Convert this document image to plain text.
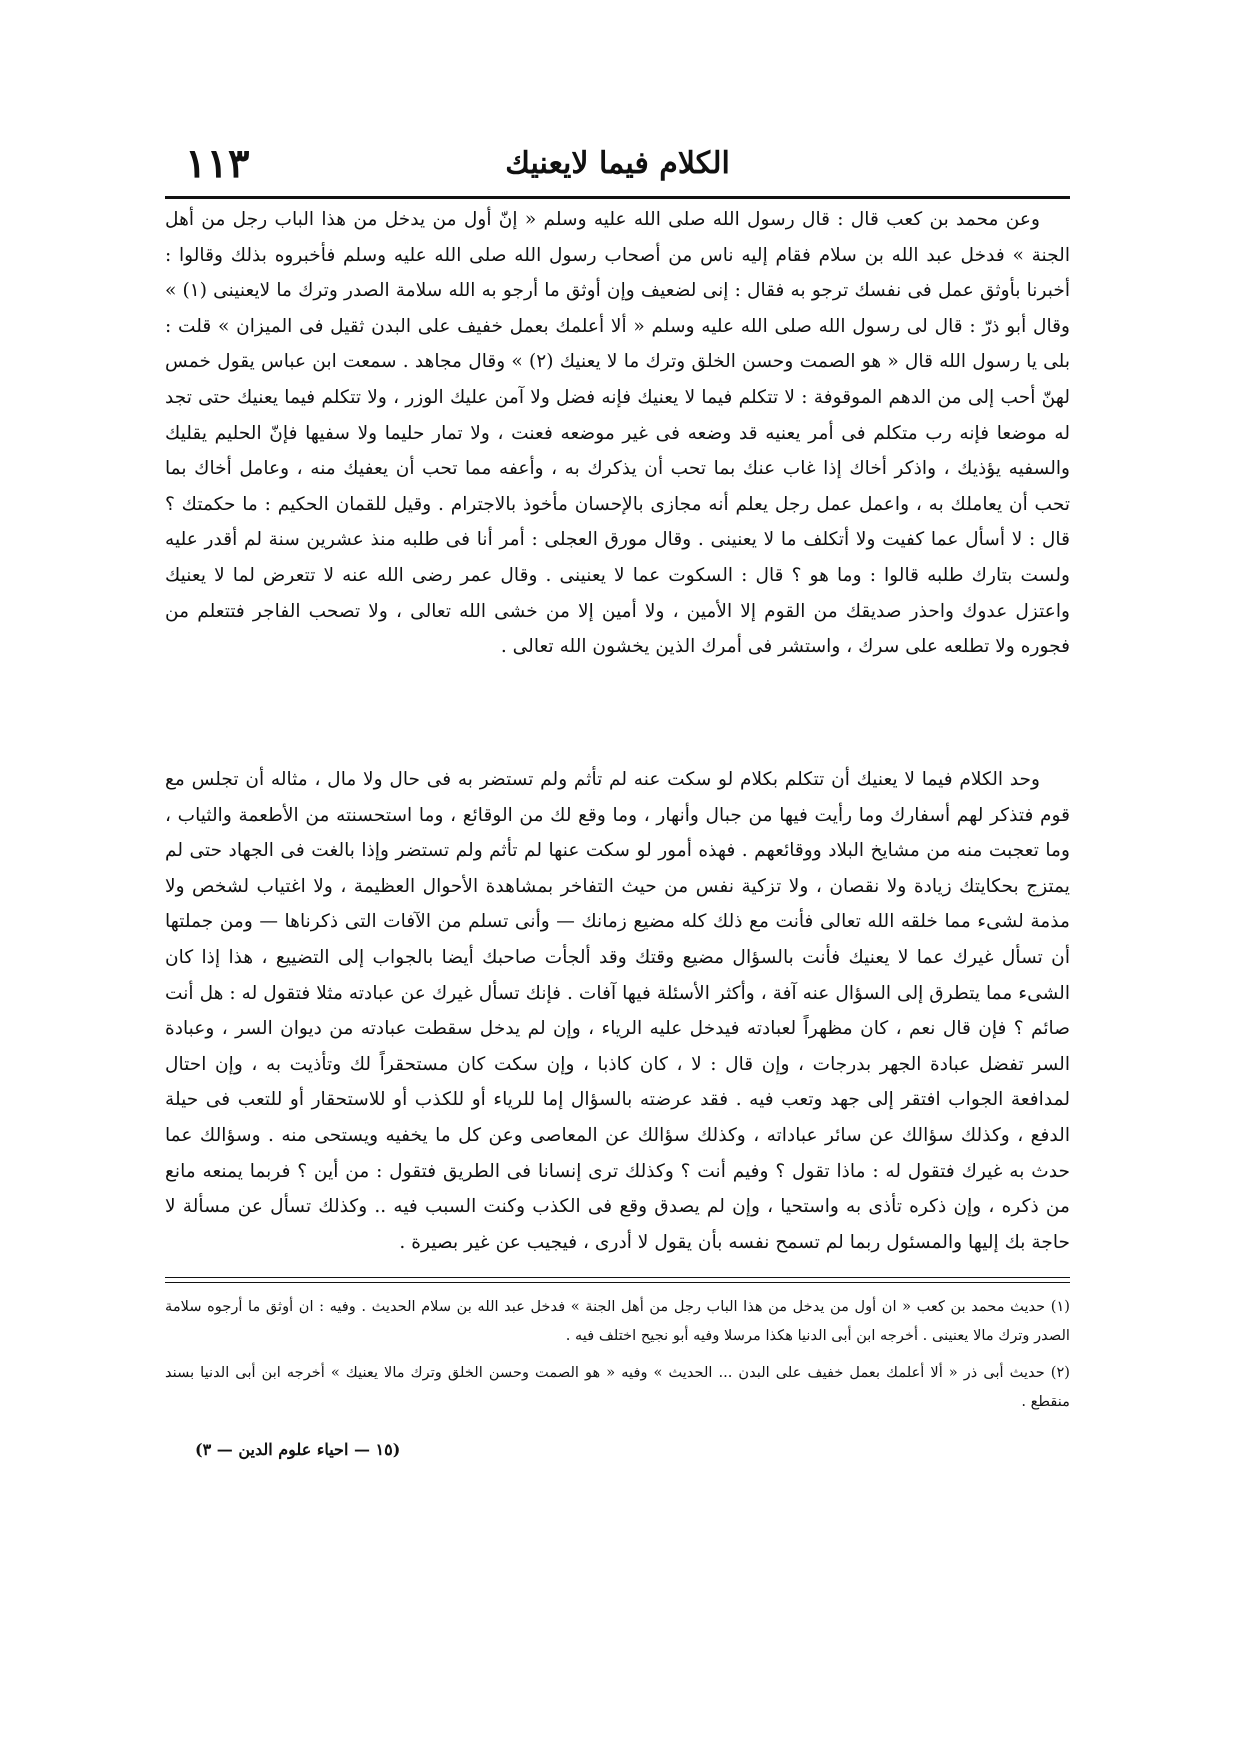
الكلام فيما لايعنيك
١١٣

وعن محمد بن كعب قال : قال رسول الله صلى الله عليه وسلم « إنّ أول من يدخل من هذا الباب رجل من أهل الجنة » فدخل عبد الله بن سلام فقام إليه ناس من أصحاب رسول الله صلى الله عليه وسلم فأخبروه بذلك وقالوا : أخبرنا بأوثق عمل فى نفسك ترجو به فقال : إنى لضعيف وإن أوثق ما أرجو به الله سلامة الصدر وترك ما لايعنينى (١) » وقال أبو ذرّ : قال لى رسول الله صلى الله عليه وسلم « ألا أعلمك بعمل خفيف على البدن ثقيل فى الميزان » قلت : بلى يا رسول الله قال « هو الصمت وحسن الخلق وترك ما لا يعنيك (٢) » وقال مجاهد . سمعت ابن عباس يقول خمس لهنّ أحب إلى من الدهم الموقوفة : لا تتكلم فيما لا يعنيك فإنه فضل ولا آمن عليك الوزر ، ولا تتكلم فيما يعنيك حتى تجد له موضعا فإنه رب متكلم فى أمر يعنيه قد وضعه فى غير موضعه فعنت ، ولا تمار حليما ولا سفيها فإنّ الحليم يقليك والسفيه يؤذيك ، واذكر أخاك إذا غاب عنك بما تحب أن يذكرك به ، وأعفه مما تحب أن يعفيك منه ، وعامل أخاك بما تحب أن يعاملك به ، واعمل عمل رجل يعلم أنه مجازى بالإحسان مأخوذ بالاجترام . وقيل للقمان الحكيم : ما حكمتك ؟ قال : لا أسأل عما كفيت ولا أتكلف ما لا يعنينى . وقال مورق العجلى : أمر أنا فى طلبه منذ عشرين سنة لم أقدر عليه ولست بتارك طلبه قالوا : وما هو ؟ قال : السكوت عما لا يعنينى . وقال عمر رضى الله عنه لا تتعرض لما لا يعنيك واعتزل عدوك واحذر صديقك من القوم إلا الأمين ، ولا أمين إلا من خشى الله تعالى ، ولا تصحب الفاجر فتتعلم من فجوره ولا تطلعه على سرك ، واستشر فى أمرك الذين يخشون الله تعالى .

وحد الكلام فيما لا يعنيك أن تتكلم بكلام لو سكت عنه لم تأثم ولم تستضر به فى حال ولا مال ، مثاله أن تجلس مع قوم فتذكر لهم أسفارك وما رأيت فيها من جبال وأنهار ، وما وقع لك من الوقائع ، وما استحسنته من الأطعمة والثياب ، وما تعجبت منه من مشايخ البلاد ووقائعهم . فهذه أمور لو سكت عنها لم تأثم ولم تستضر وإذا بالغت فى الجهاد حتى لم يمتزج بحكايتك زيادة ولا نقصان ، ولا تزكية نفس من حيث التفاخر بمشاهدة الأحوال العظيمة ، ولا اغتياب لشخص ولا مذمة لشىء مما خلقه الله تعالى فأنت مع ذلك كله مضيع زمانك — وأنى تسلم من الآفات التى ذكرناها — ومن جملتها أن تسأل غيرك عما لا يعنيك فأنت بالسؤال مضيع وقتك وقد ألجأت صاحبك أيضا بالجواب إلى التضييع ، هذا إذا كان الشىء مما يتطرق إلى السؤال عنه آفة ، وأكثر الأسئلة فيها آفات . فإنك تسأل غيرك عن عبادته مثلا فتقول له : هل أنت صائم ؟ فإن قال نعم ، كان مظهراً لعبادته فيدخل عليه الرياء ، وإن لم يدخل سقطت عبادته من ديوان السر ، وعبادة السر تفضل عبادة الجهر بدرجات ، وإن قال : لا ، كان كاذبا ، وإن سكت كان مستحقراً لك وتأذيت به ، وإن احتال لمدافعة الجواب افتقر إلى جهد وتعب فيه . فقد عرضته بالسؤال إما للرياء أو للكذب أو للاستحقار أو للتعب فى حيلة الدفع ، وكذلك سؤالك عن سائر عباداته ، وكذلك سؤالك عن المعاصى وعن كل ما يخفيه ويستحى منه . وسؤالك عما حدث به غيرك فتقول له : ماذا تقول ؟ وفيم أنت ؟ وكذلك ترى إنسانا فى الطريق فتقول : من أين ؟ فربما يمنعه مانع من ذكره ، وإن ذكره تأذى به واستحيا ، وإن لم يصدق وقع فى الكذب وكنت السبب فيه .. وكذلك تسأل عن مسألة لا حاجة بك إليها والمسئول ربما لم تسمح نفسه بأن يقول لا أدرى ، فيجيب عن غير بصيرة .

(١) حديث محمد بن كعب « ان أول من يدخل من هذا الباب رجل من أهل الجنة » فدخل عبد الله بن سلام الحديث . وفيه : ان أوثق ما أرجوه سلامة الصدر وترك مالا يعنينى . أخرجه ابن أبى الدنيا هكذا مرسلا وفيه أبو نجيح اختلف فيه .

(٢) حديث أبى ذر « ألا أعلمك بعمل خفيف على البدن ... الحديث » وفيه « هو الصمت وحسن الخلق وترك مالا يعنيك » أخرجه ابن أبى الدنيا بسند منقطع .

(١٥ — احياء علوم الدين — ٣)
